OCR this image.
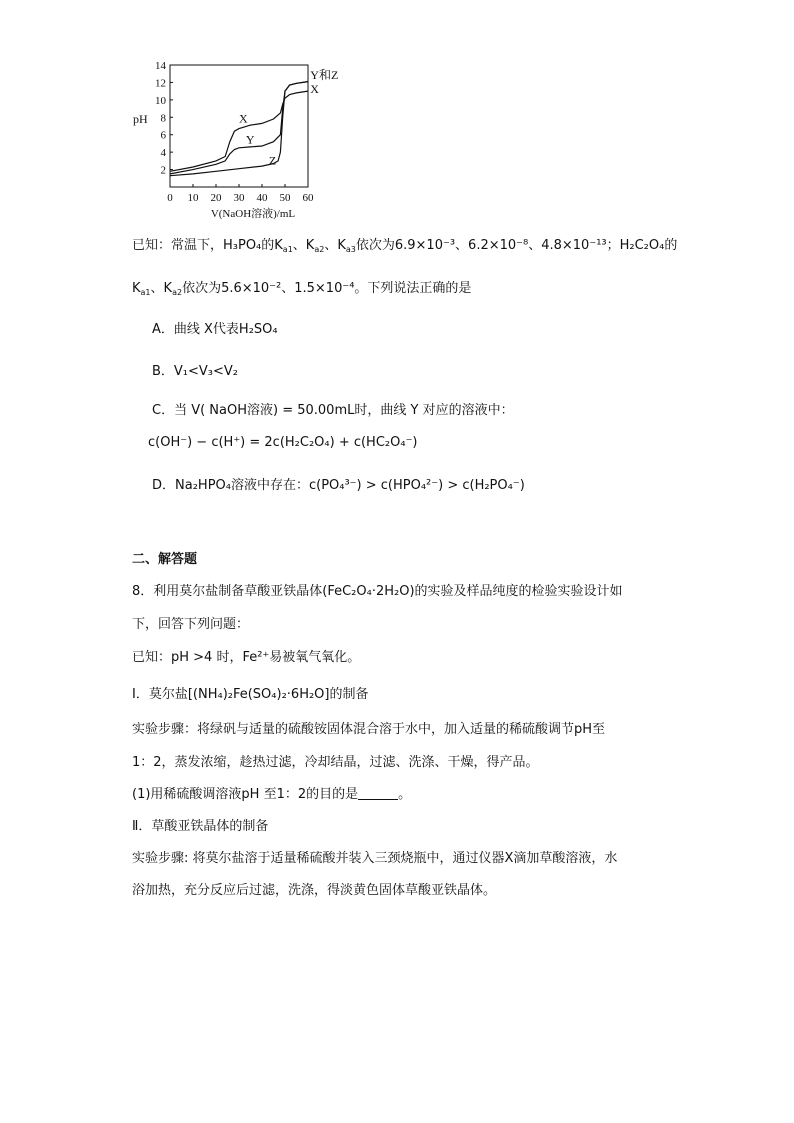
0 10 20 30 40 50 60
2
4
6
8
10
12
14
pH
V(NaOH溶液)/mL
X
Y
Z
Y和Z
X
已知：常温下，H₃PO₄的$K_{a1}$、$K_{a2}$、$K_{a3}$依次为6.9×10⁻³、6.2×10⁻⁸、4.8×10⁻¹³；H₂C₂O₄的
$K_{a1}$、$K_{a2}$依次为5.6×10⁻²、1.5×10⁻⁴。下列说法正确的是
A．曲线 X代表H₂SO₄
B．V₁<V₃<V₂
C．当 V( NaOH溶液) = 50.00mL时，曲线 Y 对应的溶液中：
c(OH⁻) − c(H⁺) = 2c(H₂C₂O₄) + c(HC₂O₄⁻)
D．Na₂HPO₄溶液中存在：c(PO₄³⁻) > c(HPO₄²⁻) > c(H₂PO₄⁻)
二、解答题
8．利用莫尔盐制备草酸亚铁晶体(FeC₂O₄·2H₂O)的实验及样品纯度的检验实验设计如
下，回答下列问题：
已知：pH >4 时，Fe²⁺易被氧气氧化。
Ⅰ．莫尔盐[(NH₄)₂Fe(SO₄)₂·6H₂O]的制备
实验步骤：将绿矾与适量的硫酸铵固体混合溶于水中，加入适量的稀硫酸调节pH至
1：2，蒸发浓缩，趁热过滤，冷却结晶，过滤、洗涤、干燥，得产品。
(1)用稀硫酸调溶液pH 至1：2的目的是	。
Ⅱ．草酸亚铁晶体的制备
实验步骤: 将莫尔盐溶于适量稀硫酸并装入三颈烧瓶中，通过仪器X滴加草酸溶液，水
浴加热，充分反应后过滤，洗涤，得淡黄色固体草酸亚铁晶体。
